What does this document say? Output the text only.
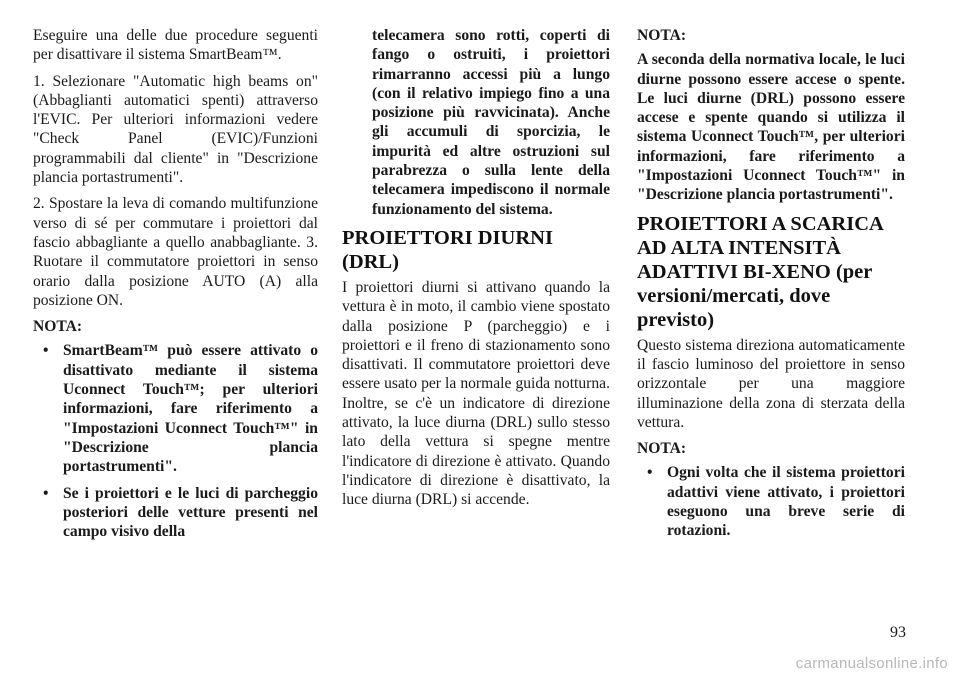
Eseguire una delle due procedure seguenti per disattivare il sistema SmartBeam™.

1. Selezionare "Automatic high beams on" (Abbaglianti automatici spenti) attraverso l'EVIC. Per ulteriori informazioni vedere "Check Panel (EVIC)/Funzioni programmabili dal cliente" in "Descrizione plancia portastrumenti".

2. Spostare la leva di comando multifunzione verso di sé per commutare i proiettori dal fascio abbagliante a quello anabbagliante. 3. Ruotare il commutatore proiettori in senso orario dalla posizione AUTO (A) alla posizione ON.

NOTA:
• SmartBeam™ può essere attivato o disattivato mediante il sistema Uconnect Touch™; per ulteriori informazioni, fare riferimento a "Impostazioni Uconnect Touch™" in "Descrizione plancia portastrumenti".
• Se i proiettori e le luci di parcheggio posteriori delle vetture presenti nel campo visivo della

telecamera sono rotti, coperti di fango o ostruiti, i proiettori rimarranno accessi più a lungo (con il relativo impiego fino a una posizione più ravvicinata). Anche gli accumuli di sporcizia, le impurità ed altre ostruzioni sul parabrezza o sulla lente della telecamera impediscono il normale funzionamento del sistema.

PROIETTORI DIURNI (DRL)

I proiettori diurni si attivano quando la vettura è in moto, il cambio viene spostato dalla posizione P (parcheggio) e i proiettori e il freno di stazionamento sono disattivati. Il commutatore proiettori deve essere usato per la normale guida notturna. Inoltre, se c'è un indicatore di direzione attivato, la luce diurna (DRL) sullo stesso lato della vettura si spegne mentre l'indicatore di direzione è attivato. Quando l'indicatore di direzione è disattivato, la luce diurna (DRL) si accende.

NOTA:

A seconda della normativa locale, le luci diurne possono essere accese o spente. Le luci diurne (DRL) possono essere accese e spente quando si utilizza il sistema Uconnect Touch™, per ulteriori informazioni, fare riferimento a "Impostazioni Uconnect Touch™" in "Descrizione plancia portastrumenti".

PROIETTORI A SCARICA AD ALTA INTENSITÀ ADATTIVI BI-XENO (per versioni/mercati, dove previsto)

Questo sistema direziona automaticamente il fascio luminoso del proiettore in senso orizzontale per una maggiore illuminazione della zona di sterzata della vettura.

NOTA:
• Ogni volta che il sistema proiettori adattivi viene attivato, i proiettori eseguono una breve serie di rotazioni.
93
carmanualsonline.info
